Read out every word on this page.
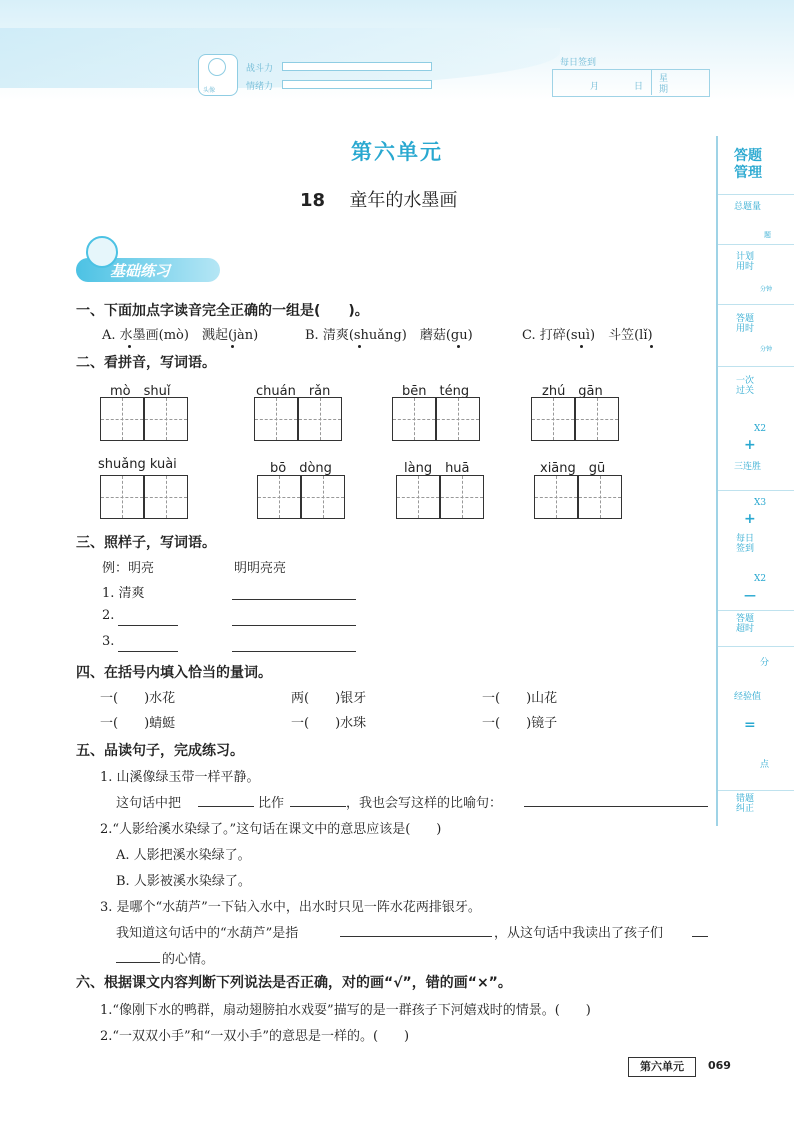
头像
战斗力
情绪力
每日签到
月	日
星
期
答题管理
总题量
题
计划用时
分钟
答题用时
分钟
一次过关
X2
+
三连胜
X3
+
每日签到
X2
—
答题超时
分
经验值
=
点
错题纠正
第六单元
18 童年的水墨画
基础练习
一、下面加点字读音完全正确的一组是(　　)。
A. 水墨画(mò)　溅起(jàn)	B. 清爽(shuǎng)　蘑菇(gu)	C. 打碎(suì)　斗笠(lǐ)
二、看拼音，写词语。
mò　shuǐ	chuán　rǎn	bēn　téng	zhú　gān
shuǎng kuài	bō　dòng	làng　huā	xiāng　gū
三、照样子，写词语。
例：明亮	明明亮亮
1. 清爽
2.
3.
四、在括号内填入恰当的量词。
一(　　)水花	两(　　)银牙	一(　　)山花
一(　　)蜻蜓	一(　　)水珠	一(　　)镜子
五、品读句子，完成练习。
1. 山溪像绿玉带一样平静。
这句话中把	比作	，我也会写这样的比喻句：
2.“人影给溪水染绿了。”这句话在课文中的意思应该是(　　)
A. 人影把溪水染绿了。
B. 人影被溪水染绿了。
3. 是哪个“水葫芦”一下钻入水中，出水时只见一阵水花两排银牙。
我知道这句话中的“水葫芦”是指	，从这句话中我读出了孩子们
的心情。
六、根据课文内容判断下列说法是否正确，对的画“√”，错的画“×”。
1.“像刚下水的鸭群，扇动翅膀拍水戏耍”描写的是一群孩子下河嬉戏时的情景。(　　)
2.“一双双小手”和“一双小手”的意思是一样的。(　　)
第六单元	069
